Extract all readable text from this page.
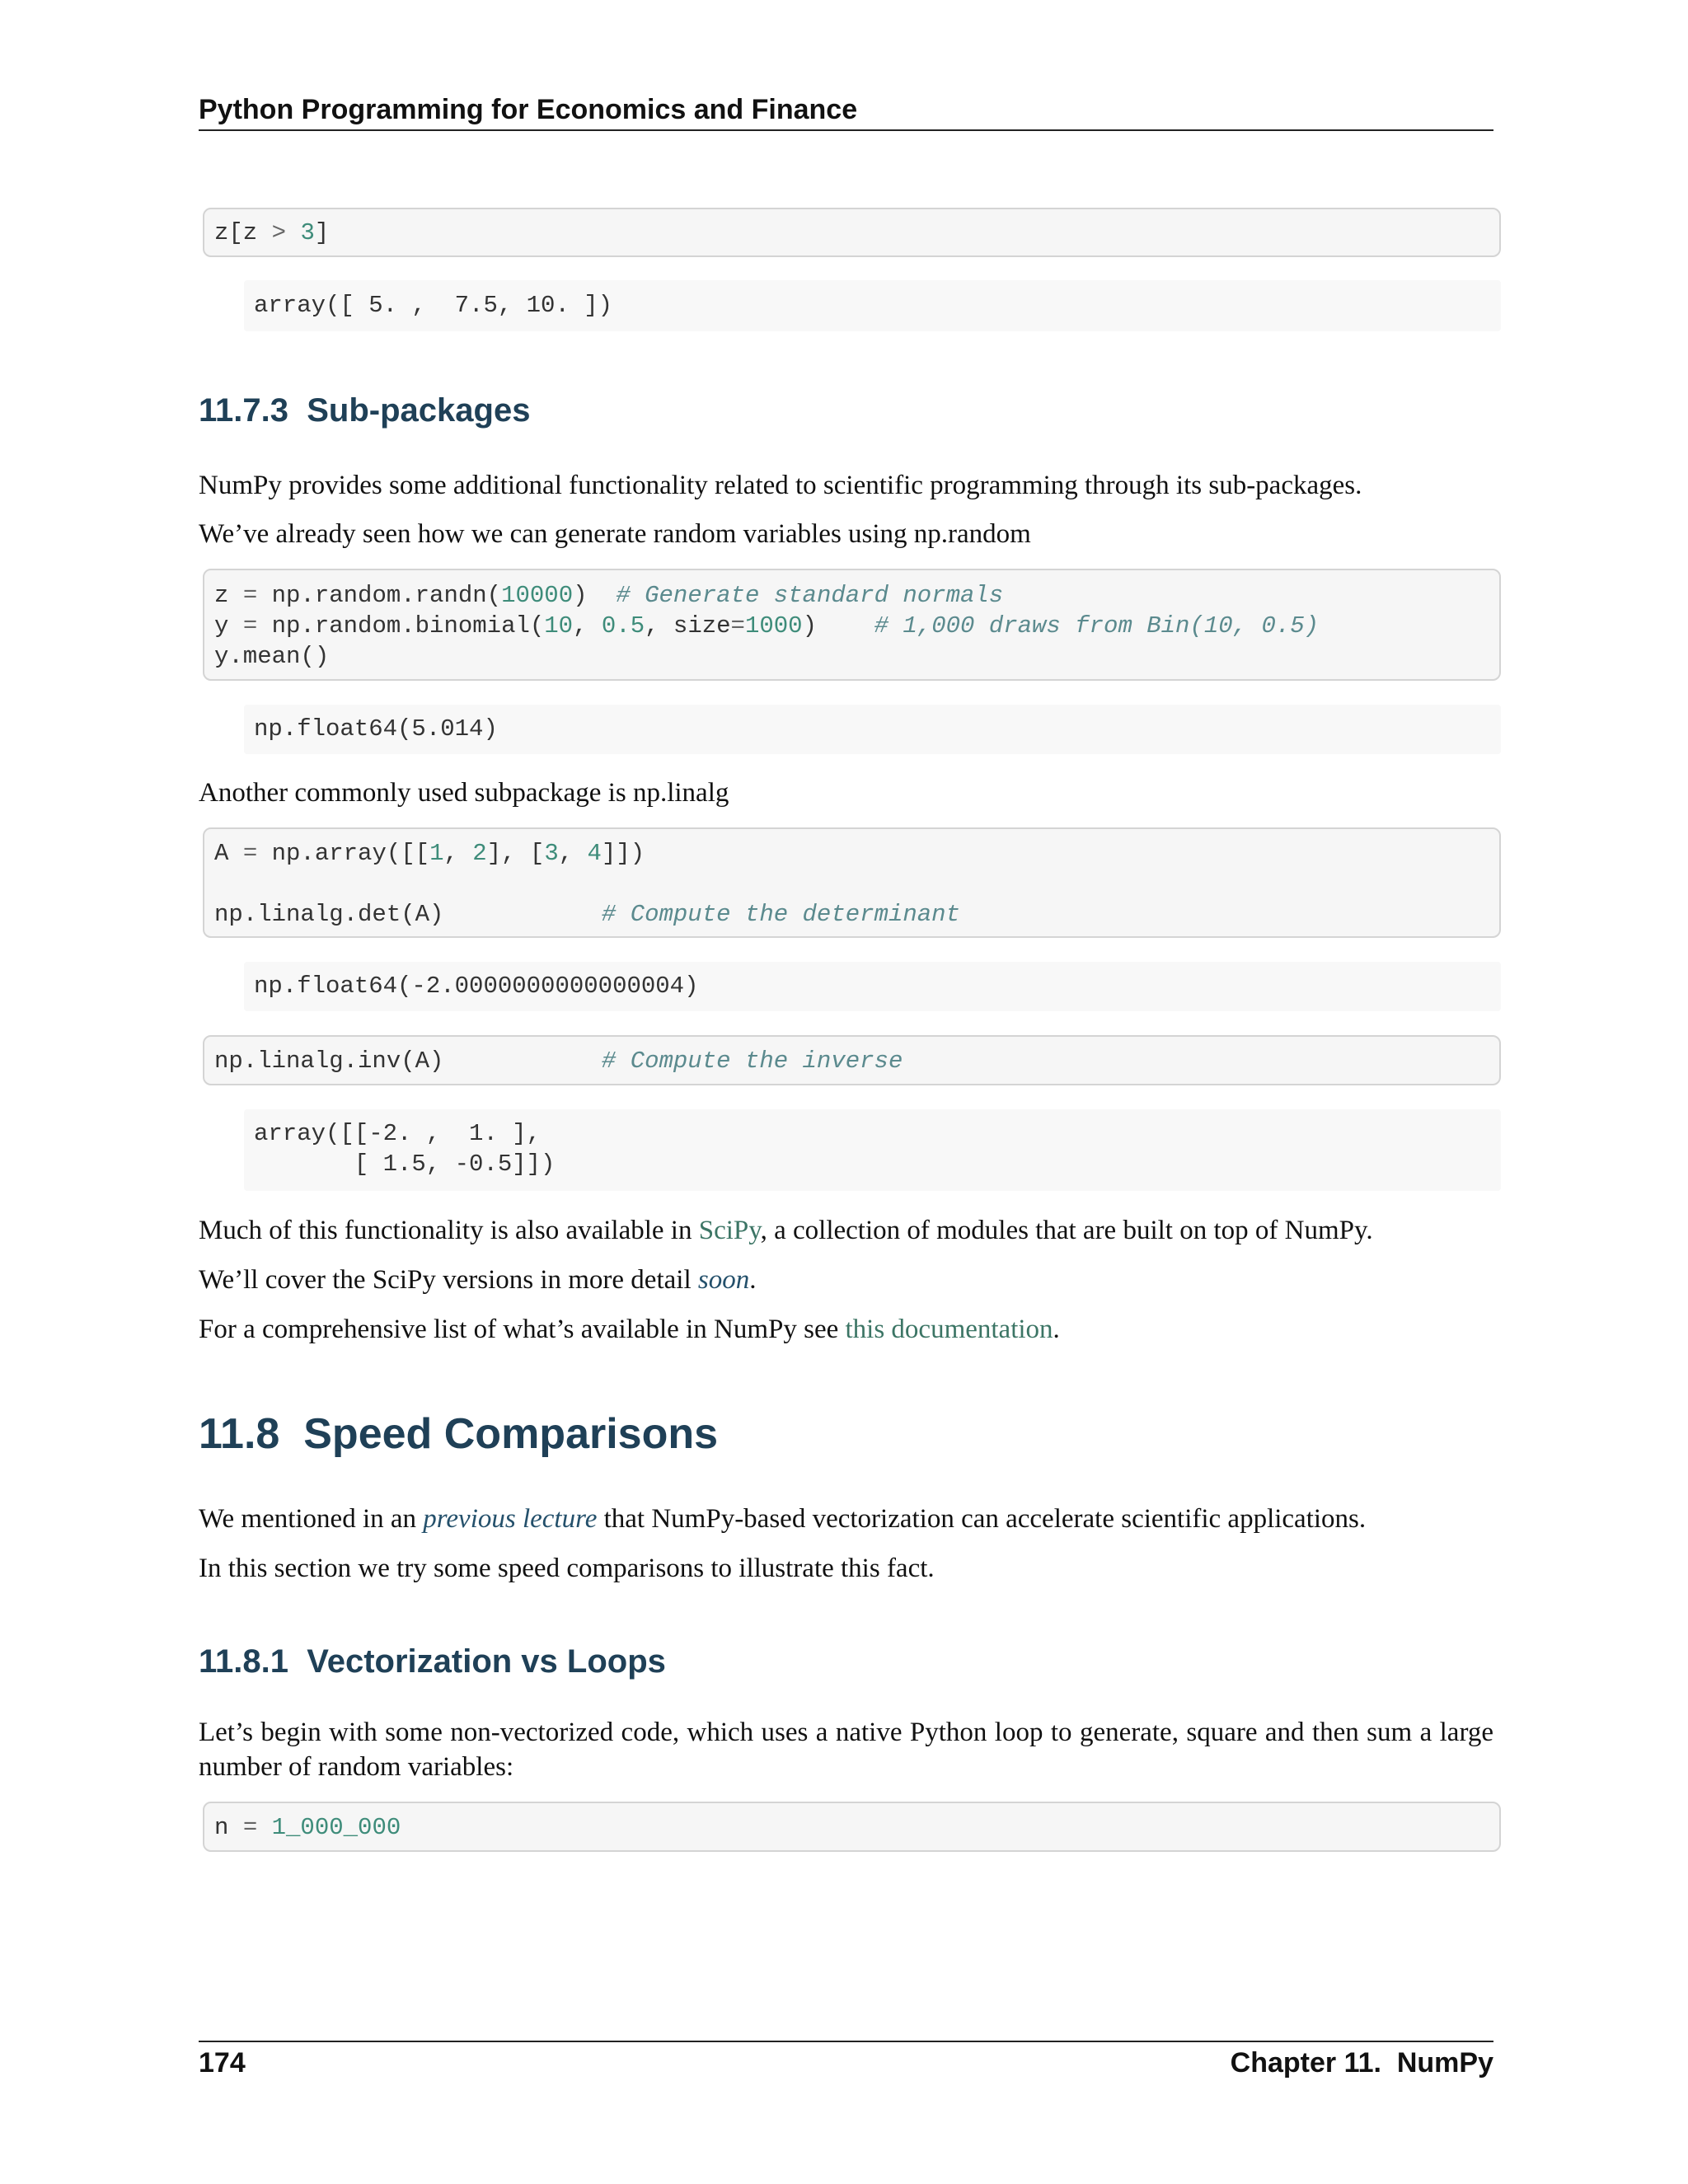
Python Programming for Economics and Finance
z[z > 3]
array([ 5. ,  7.5, 10. ])
11.7.3 Sub-packages

NumPy provides some additional functionality related to scientific programming through its sub-packages.

We’ve already seen how we can generate random variables using np.random

z = np.random.randn(10000)  # Generate standard normals
y = np.random.binomial(10, 0.5, size=1000)    # 1,000 draws from Bin(10, 0.5)
y.mean()
np.float64(5.014)

Another commonly used subpackage is np.linalg

A = np.array([[1, 2], [3, 4]])
np.linalg.det(A)           # Compute the determinant
np.float64(-2.0000000000000004)
np.linalg.inv(A)           # Compute the inverse
array([[-2. ,  1. ],
[ 1.5, -0.5]])

Much of this functionality is also available in SciPy, a collection of modules that are built on top of NumPy.

We’ll cover the SciPy versions in more detail soon.

For a comprehensive list of what’s available in NumPy see this documentation.

11.8 Speed Comparisons

We mentioned in an previous lecture that NumPy-based vectorization can accelerate scientific applications.

In this section we try some speed comparisons to illustrate this fact.

11.8.1 Vectorization vs Loops

Let’s begin with some non-vectorized code, which uses a native Python loop to generate, square and then sum a large number of random variables:

n = 1_000_000
174	Chapter 11.  NumPy
